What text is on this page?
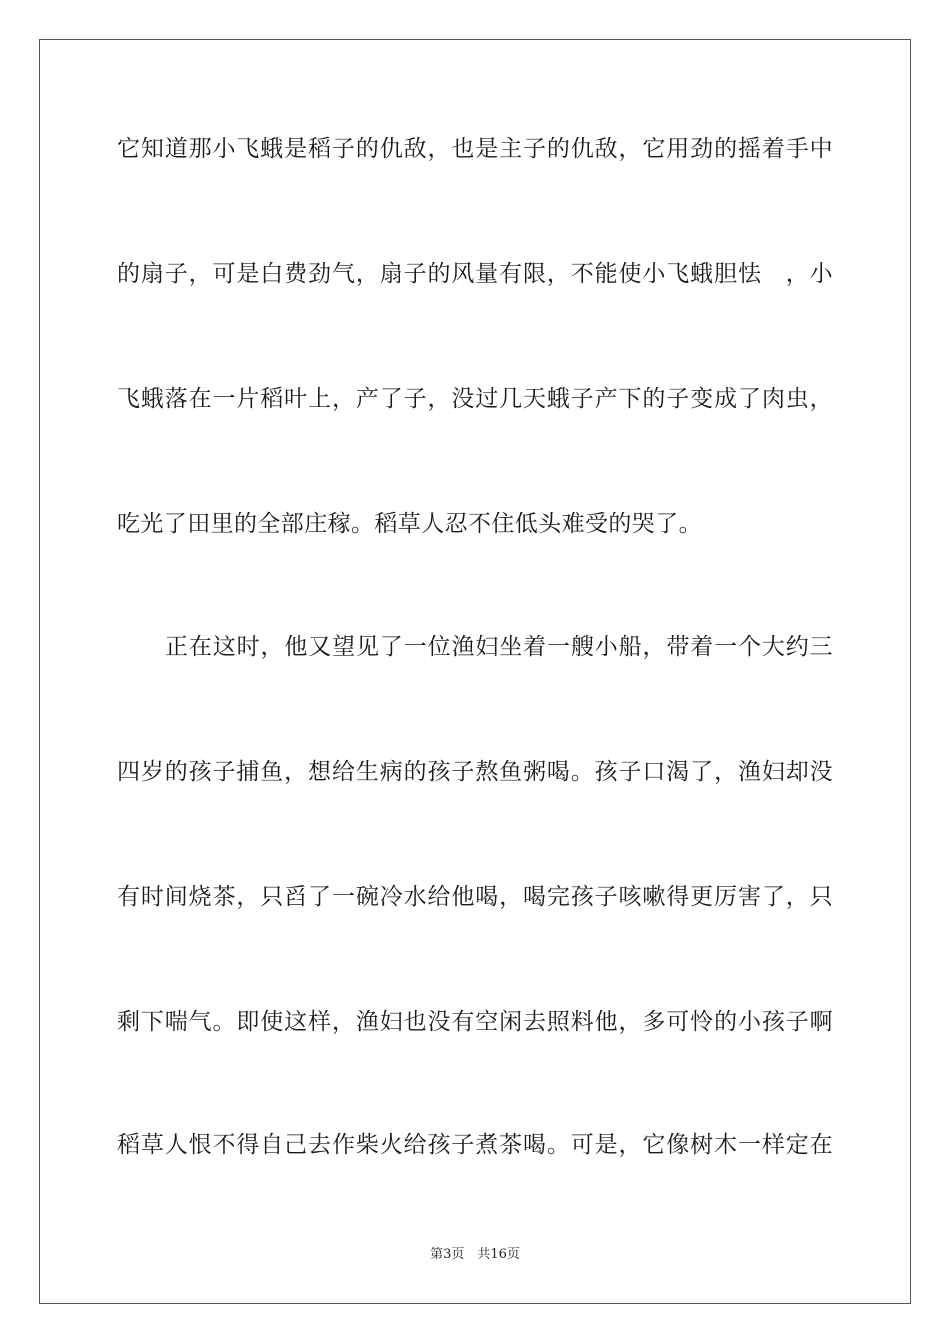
它知道那小飞蛾是稻子的仇敌，也是主子的仇敌，它用劲的摇着手中
的扇子，可是白费劲气，扇子的风量有限，不能使小飞蛾胆怯　，小
飞蛾落在一片稻叶上，产了子，没过几天蛾子产下的子变成了肉虫，
吃光了田里的全部庄稼。稻草人忍不住低头难受的哭了。
正在这时，他又望见了一位渔妇坐着一艘小船，带着一个大约三
四岁的孩子捕鱼，想给生病的孩子熬鱼粥喝。孩子口渴了，渔妇却没
有时间烧茶，只舀了一碗冷水给他喝，喝完孩子咳嗽得更厉害了，只
剩下喘气。即使这样，渔妇也没有空闲去照料他，多可怜的小孩子啊
稻草人恨不得自己去作柴火给孩子煮茶喝。可是，它像树木一样定在
第3页　共16页
